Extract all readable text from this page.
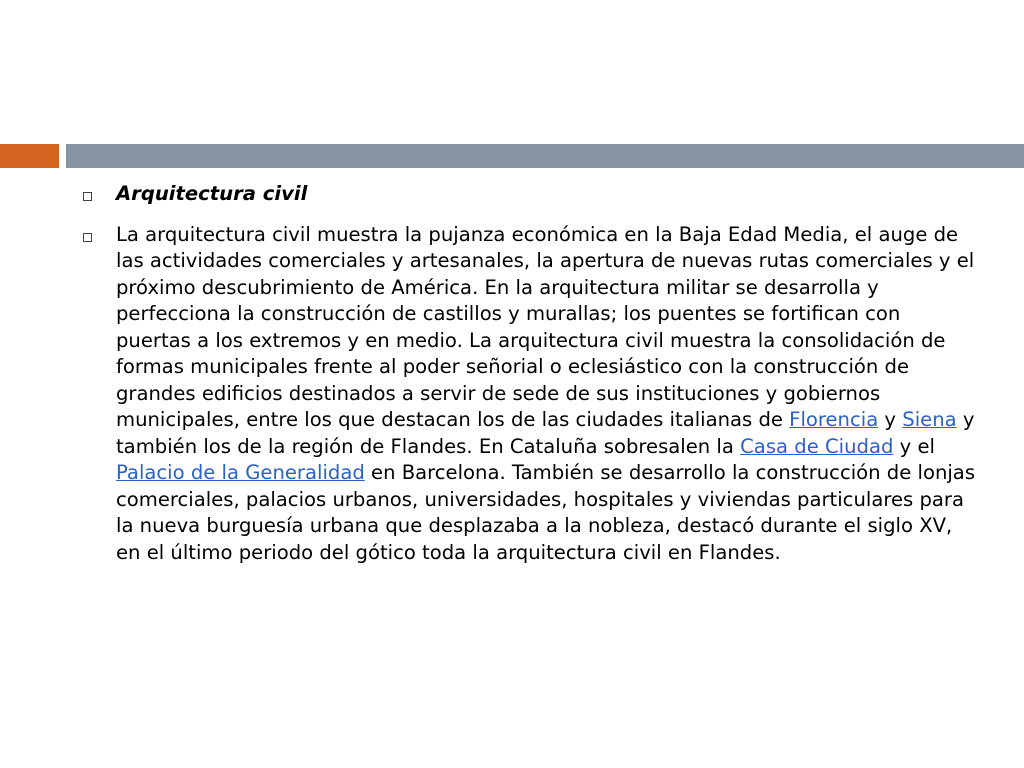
Arquitectura civil
La arquitectura civil muestra la pujanza económica en la Baja Edad Media, el auge de las actividades comerciales y artesanales, la apertura de nuevas rutas comerciales y el próximo descubrimiento de América. En la arquitectura militar se desarrolla y perfecciona la construcción de castillos y murallas; los puentes se fortifican con puertas a los extremos y en medio. La arquitectura civil muestra la consolidación de formas municipales frente al poder señorial o eclesiástico con la construcción de grandes edificios destinados a servir de sede de sus instituciones y gobiernos municipales, entre los que destacan los de las ciudades italianas de Florencia y Siena y también los de la región de Flandes. En Cataluña sobresalen la Casa de Ciudad y el Palacio de la Generalidad en Barcelona. También se desarrollo la construcción de lonjas comerciales, palacios urbanos, universidades, hospitales y viviendas particulares para la nueva burguesía urbana que desplazaba a la nobleza, destacó durante el siglo XV, en el último periodo del gótico toda la arquitectura civil en Flandes.
